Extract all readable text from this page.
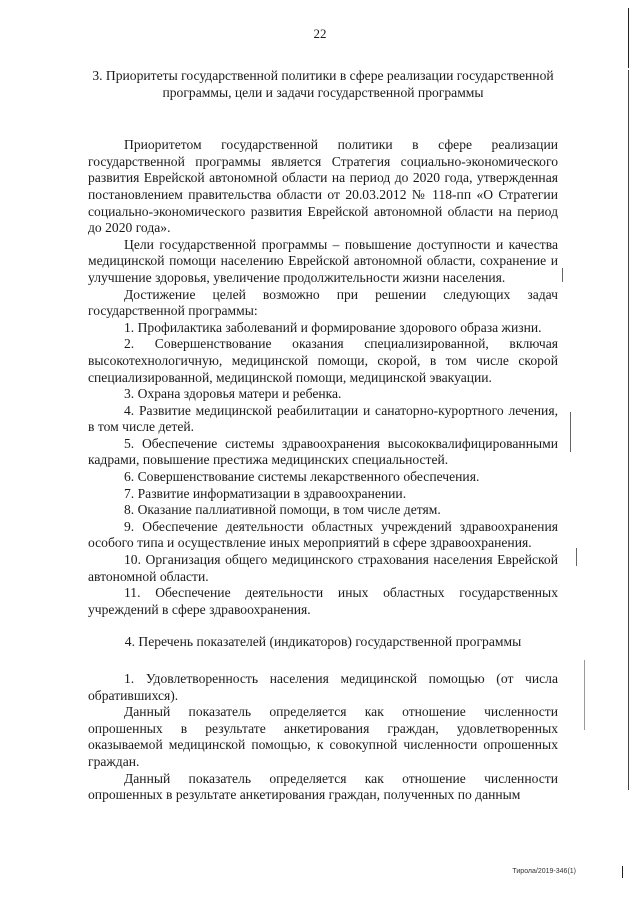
22
3. Приоритеты государственной политики в сфере реализации государственной программы, цели и задачи государственной программы

Приоритетом государственной политики в сфере реализации государственной программы является Стратегия социально-экономического развития Еврейской автономной области на период до 2020 года, утвержденная постановлением правительства области от 20.03.2012 № 118-пп «О Стратегии социально-экономического развития Еврейской автономной области на период до 2020 года».

Цели государственной программы – повышение доступности и качества медицинской помощи населению Еврейской автономной области, сохранение и улучшение здоровья, увеличение продолжительности жизни населения.

Достижение целей возможно при решении следующих задач государственной программы:

1. Профилактика заболеваний и формирование здорового образа жизни.

2. Совершенствование оказания специализированной, включая высокотехнологичную, медицинской помощи, скорой, в том числе скорой специализированной, медицинской помощи, медицинской эвакуации.

3. Охрана здоровья матери и ребенка.

4. Развитие медицинской реабилитации и санаторно-курортного лечения, в том числе детей.

5. Обеспечение системы здравоохранения высококвалифицированными кадрами, повышение престижа медицинских специальностей.

6. Совершенствование системы лекарственного обеспечения.

7. Развитие информатизации в здравоохранении.

8. Оказание паллиативной помощи, в том числе детям.

9. Обеспечение деятельности областных учреждений здравоохранения особого типа и осуществление иных мероприятий в сфере здравоохранения.

10. Организация общего медицинского страхования населения Еврейской автономной области.

11. Обеспечение деятельности иных областных государственных учреждений в сфере здравоохранения.

4. Перечень показателей (индикаторов) государственной программы

1. Удовлетворенность населения медицинской помощью (от числа обратившихся).

Данный показатель определяется как отношение численности опрошенных в результате анкетирования граждан, удовлетворенных оказываемой медицинской помощью, к совокупной численности опрошенных граждан.

Данный показатель определяется как отношение численности опрошенных в результате анкетирования граждан, полученных по данным

Тирола/2019-346(1)
